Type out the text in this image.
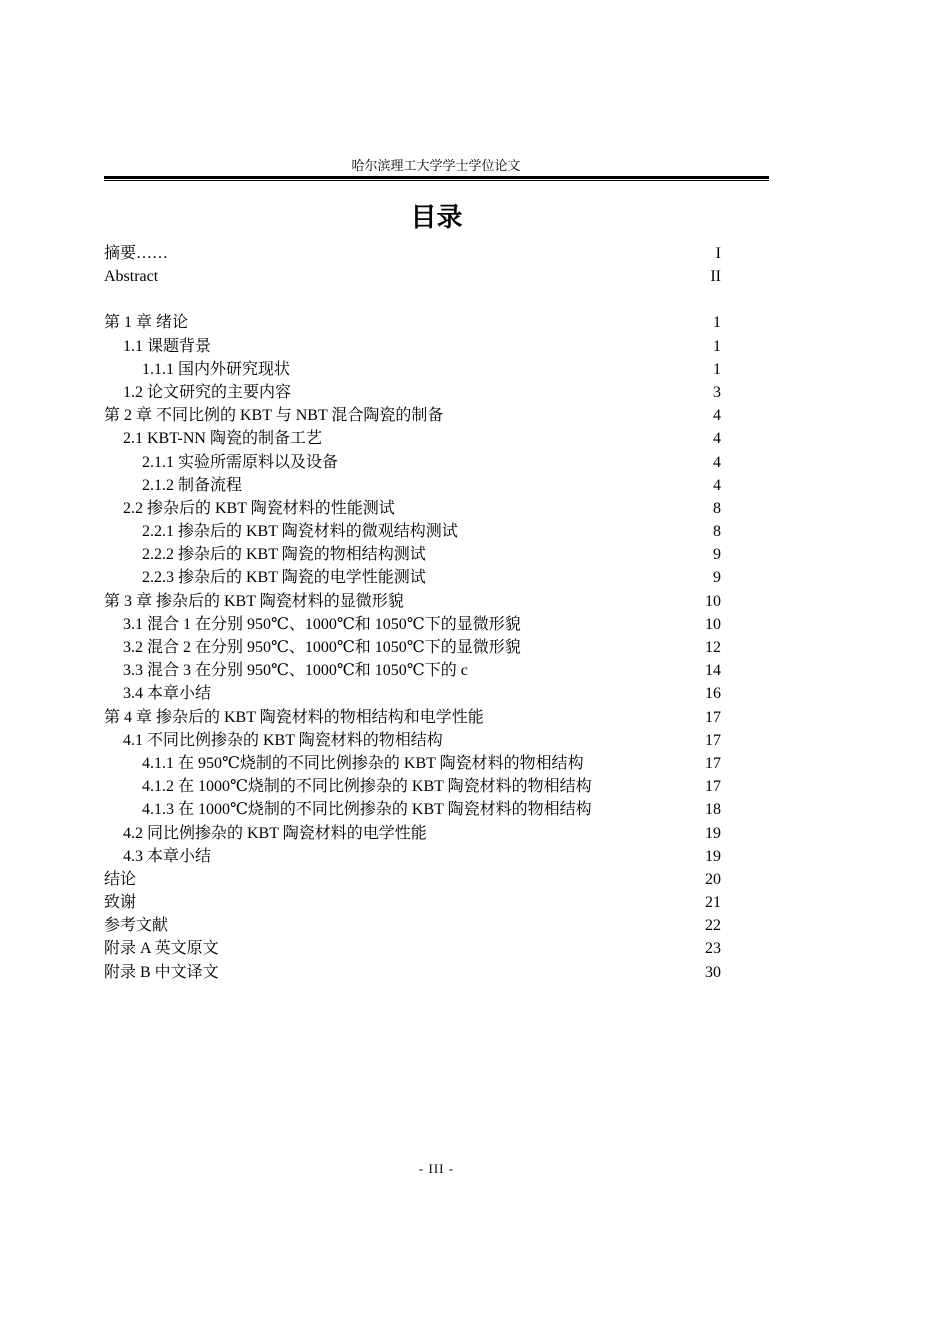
哈尔滨理工大学学士学位论文
目录
摘要……	I
Abstract	II
第 1 章 绪论	1
1.1 课题背景	1
1.1.1 国内外研究现状	1
1.2 论文研究的主要内容	3
第 2 章 不同比例的 KBT 与 NBT 混合陶瓷的制备	4
2.1 KBT-NN 陶瓷的制备工艺	4
2.1.1 实验所需原料以及设备	4
2.1.2 制备流程	4
2.2 掺杂后的 KBT 陶瓷材料的性能测试	8
2.2.1 掺杂后的 KBT 陶瓷材料的微观结构测试	8
2.2.2 掺杂后的 KBT 陶瓷的物相结构测试	9
2.2.3 掺杂后的 KBT 陶瓷的电学性能测试	9
第 3 章 掺杂后的 KBT 陶瓷材料的显微形貌	10
3.1 混合 1 在分别 950℃、1000℃和 1050℃下的显微形貌	10
3.2 混合 2 在分别 950℃、1000℃和 1050℃下的显微形貌	12
3.3 混合 3 在分别 950℃、1000℃和 1050℃下的 c	14
3.4 本章小结	16
第 4 章 掺杂后的 KBT 陶瓷材料的物相结构和电学性能	17
4.1 不同比例掺杂的 KBT 陶瓷材料的物相结构	17
4.1.1 在 950℃烧制的不同比例掺杂的 KBT 陶瓷材料的物相结构	17
4.1.2 在 1000℃烧制的不同比例掺杂的 KBT 陶瓷材料的物相结构	17
4.1.3 在 1000℃烧制的不同比例掺杂的 KBT 陶瓷材料的物相结构	18
4.2 同比例掺杂的 KBT 陶瓷材料的电学性能	19
4.3 本章小结	19
结论	20
致谢	21
参考文献	22
附录 A 英文原文	23
附录 B 中文译文	30
- III -
